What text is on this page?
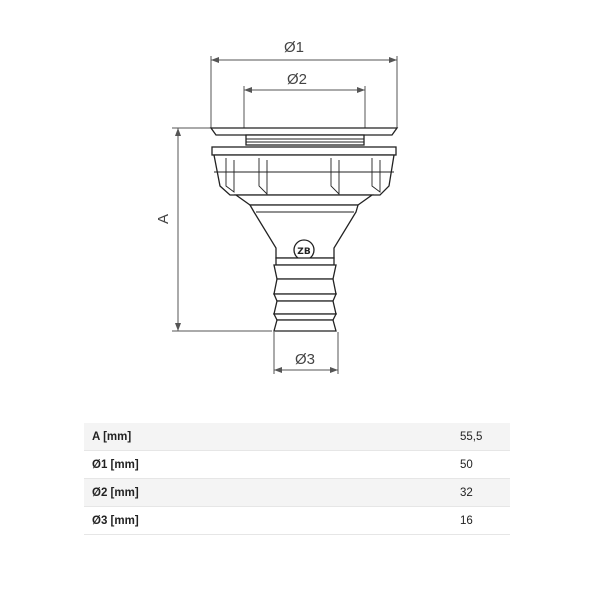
Ø1
Ø2
A
Ø3
ZB
A [mm]	55,5
Ø1 [mm]	50
Ø2 [mm]	32
Ø3 [mm]	16
